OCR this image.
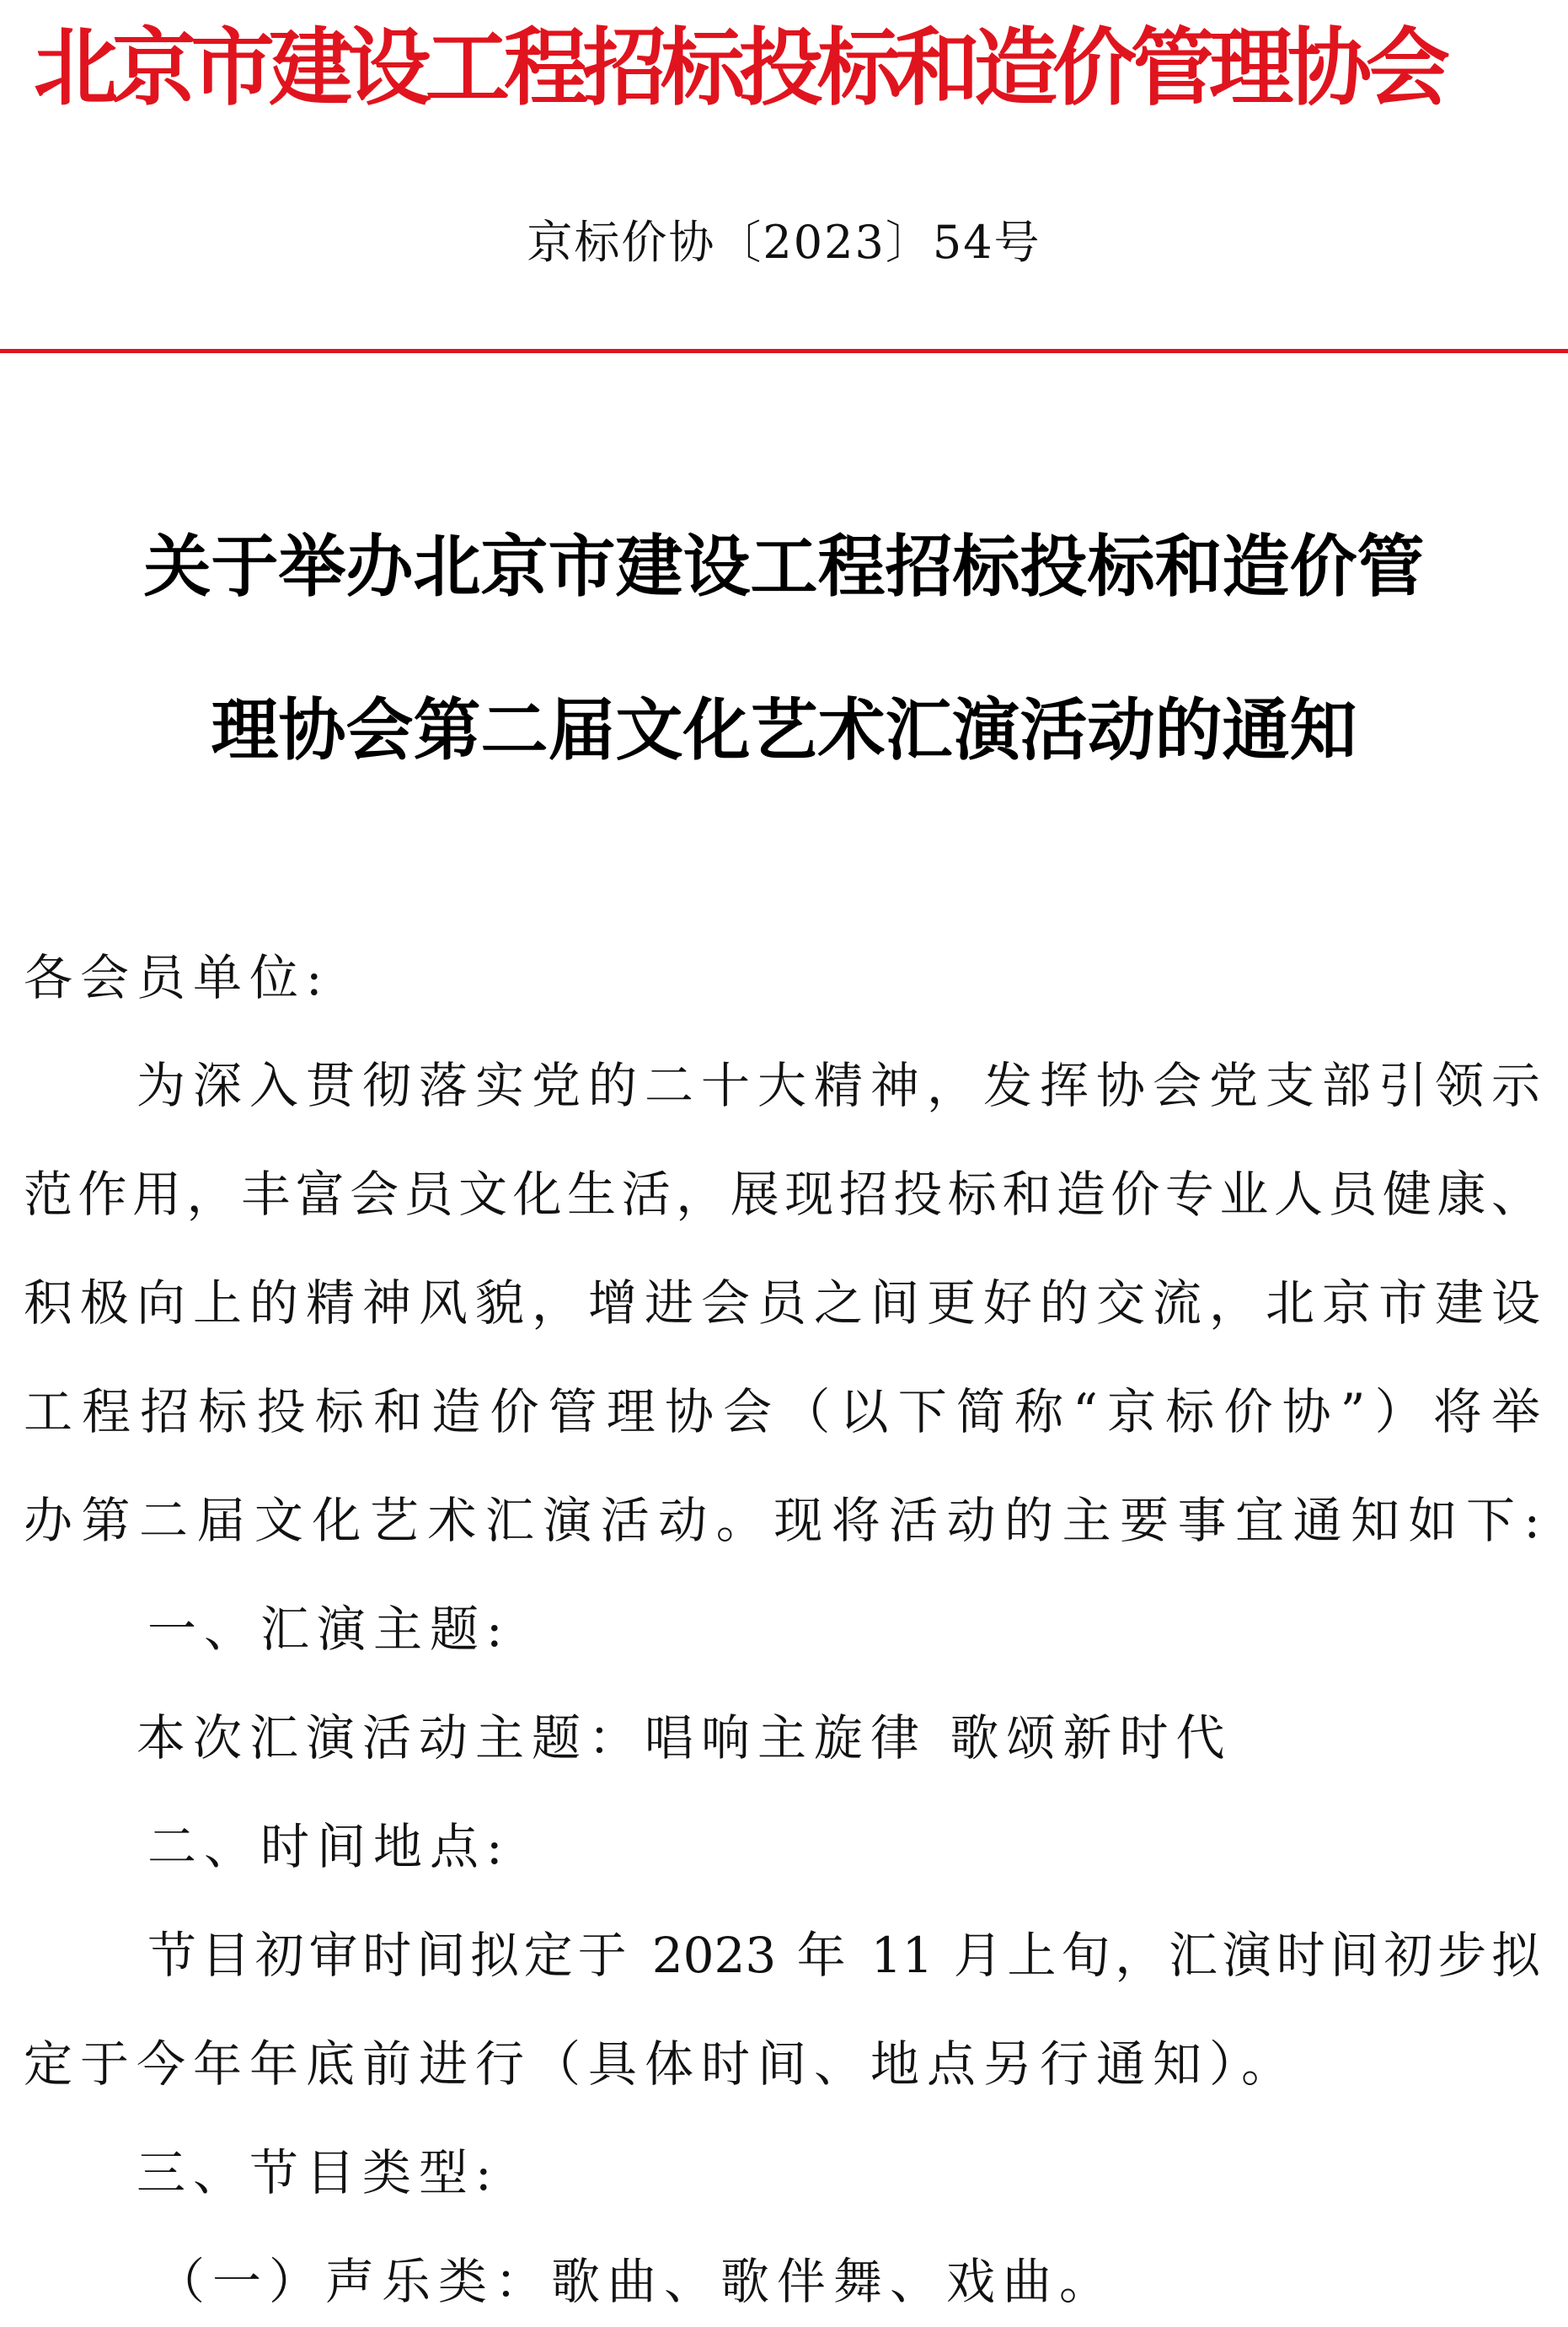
北京市建设工程招标投标和造价管理协会
京标价协〔2023〕54号
关于举办北京市建设工程招标投标和造价管
理协会第二届文化艺术汇演活动的通知
各会员单位:
为深入贯彻落实党的二十大精神，发挥协会党支部引领示
范作用，丰富会员文化生活，展现招投标和造价专业人员健康、
积极向上的精神风貌，增进会员之间更好的交流，北京市建设
工程招标投标和造价管理协会（以下简称“京标价协”）将举
办第二届文化艺术汇演活动。现将活动的主要事宜通知如下:
一、汇演主题:
本次汇演活动主题：唱响主旋律 歌颂新时代
二、时间地点:
节目初审时间拟定于 2023 年 11 月上旬，汇演时间初步拟
定于今年年底前进行（具体时间、地点另行通知）。
三、节目类型:
（一）声乐类：歌曲、歌伴舞、戏曲。
